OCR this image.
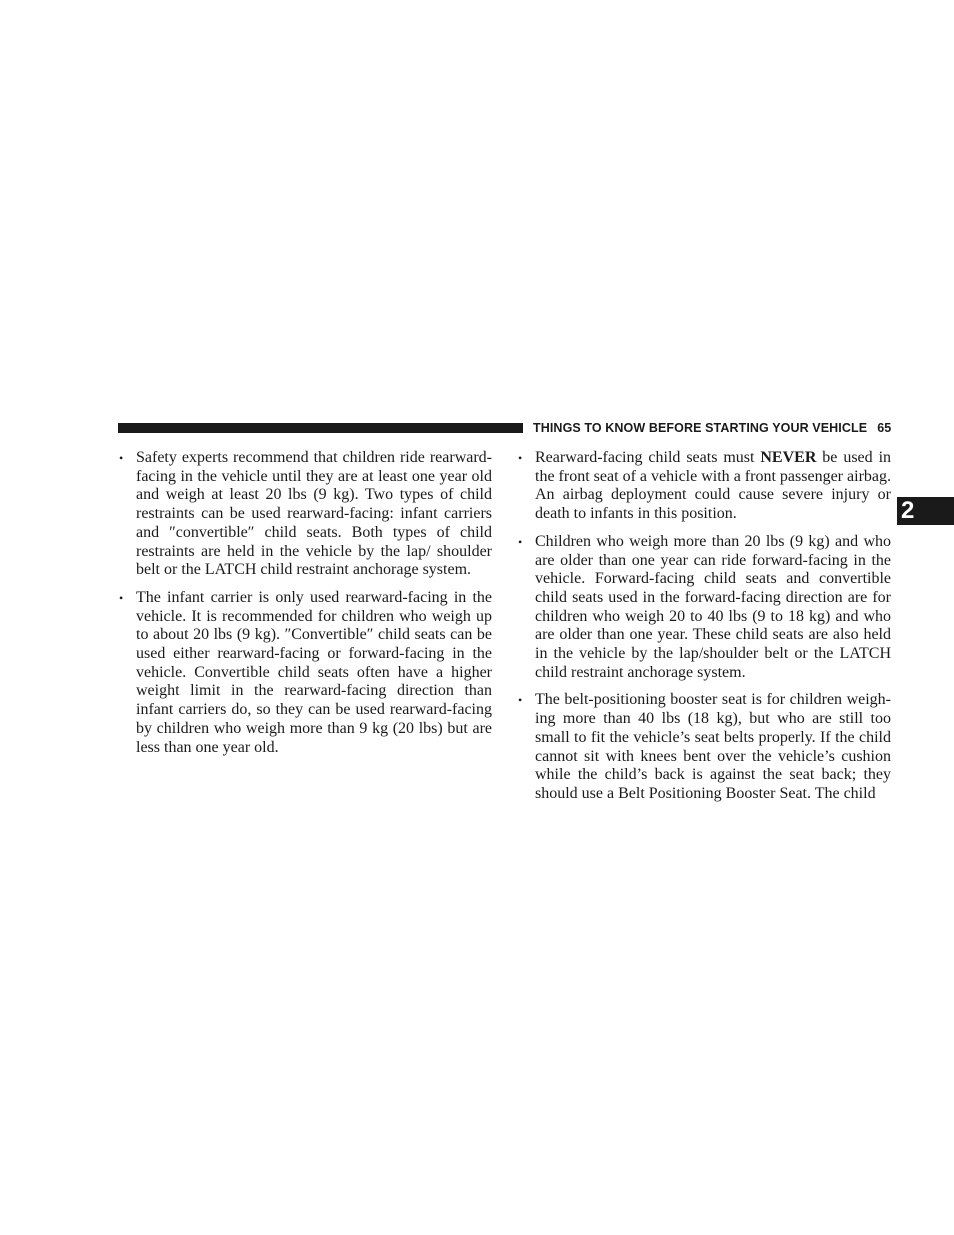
THINGS TO KNOW BEFORE STARTING YOUR VEHICLE 65
2
• Safety experts recommend that children ride rearward-facing in the vehicle until they are at least one year old and weigh at least 20 lbs (9 kg). Two types of child restraints can be used rearward-facing: infant carriers and ″convertible″ child seats. Both types of child restraints are held in the vehicle by the lap/ shoulder belt or the LATCH child restraint anchorage system.

• The infant carrier is only used rearward-facing in the vehicle. It is recommended for children who weigh up to about 20 lbs (9 kg). ″Convertible″ child seats can be used either rearward-facing or forward-facing in the vehicle. Convertible child seats often have a higher weight limit in the rearward-facing direction than infant carriers do, so they can be used rearward-facing by children who weigh more than 9 kg (20 lbs) but are less than one year old.

• Rearward-facing child seats must NEVER be used in the front seat of a vehicle with a front passenger airbag. An airbag deployment could cause severe injury or death to infants in this position.

• Children who weigh more than 20 lbs (9 kg) and who are older than one year can ride forward-facing in the vehicle. Forward-facing child seats and convertible child seats used in the forward-facing direction are for children who weigh 20 to 40 lbs (9 to 18 kg) and who are older than one year. These child seats are also held in the vehicle by the lap/shoulder belt or the LATCH child restraint anchorage system.

• The belt-positioning booster seat is for children weighing more than 40 lbs (18 kg), but who are still too small to fit the vehicle’s seat belts properly. If the child cannot sit with knees bent over the vehicle’s cushion while the child’s back is against the seat back; they should use a Belt Positioning Booster Seat. The child
